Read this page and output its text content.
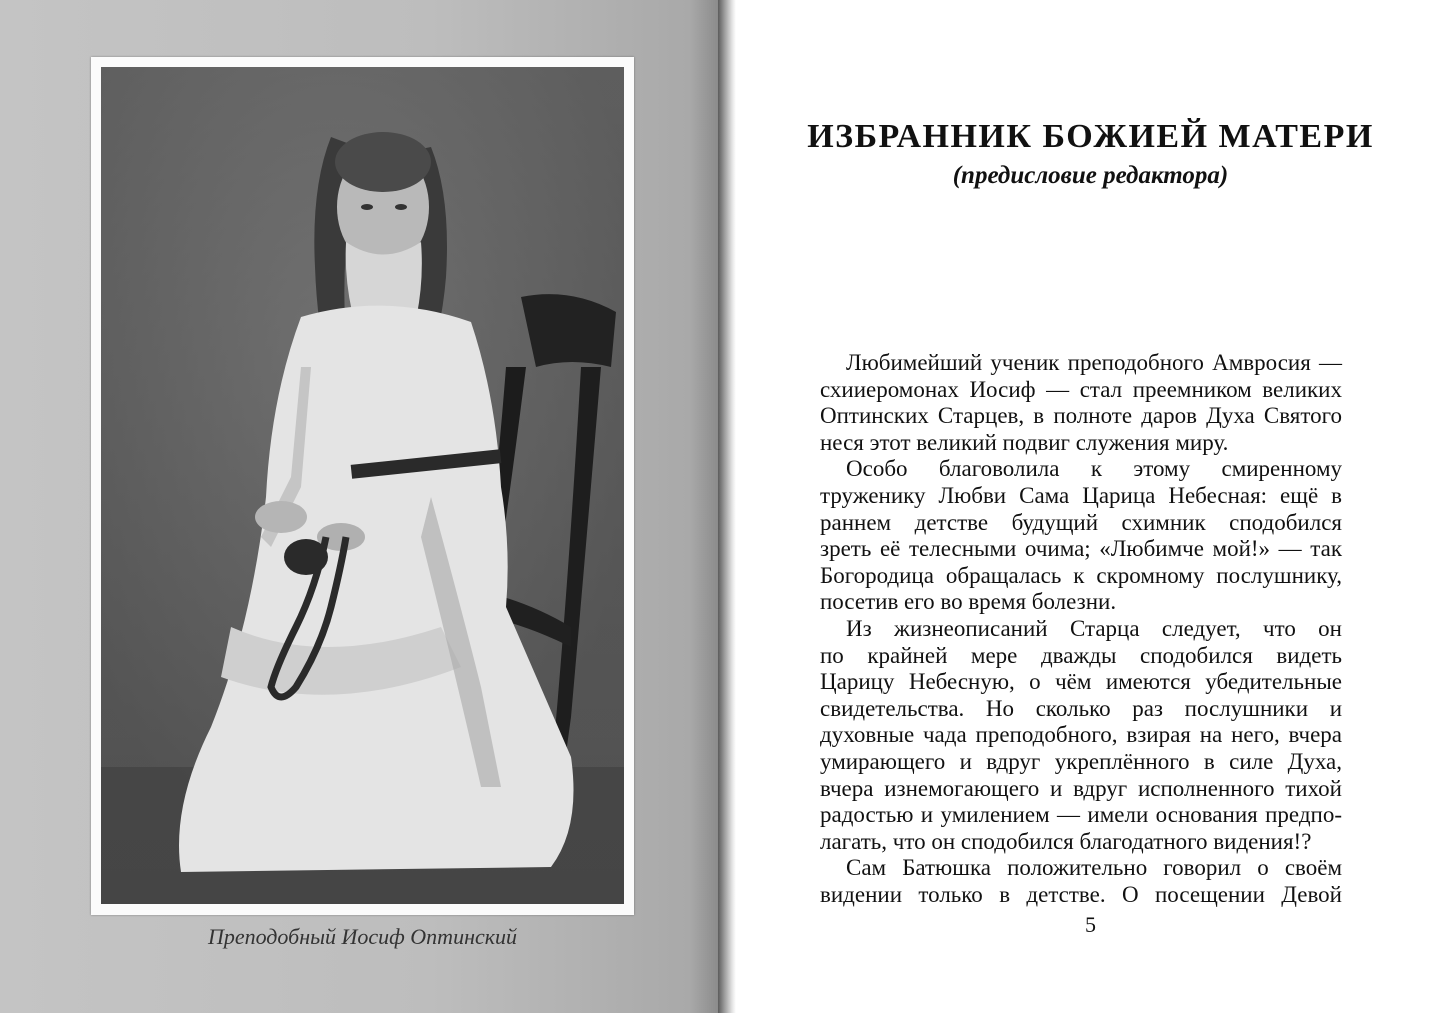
Преподобный Иосиф Оптинский
ИЗБРАННИК БОЖИЕЙ МАТЕРИ
(предисловие редактора)
Любимейший ученик преподобного Амвросия —
схииеромонах Иосиф — стал преемником великих
Оптинских Старцев, в полноте даров Духа Святого
неся этот великий подвиг служения миру.
Особо благоволила к этому смиренному
труженику Любви Сама Царица Небесная: ещё в
раннем детстве будущий схимник сподобился
зреть её телесными очима; «Любимче мой!» — так
Богородица обращалась к скромному послушнику,
посетив его во время болезни.
Из жизнеописаний Старца следует, что он
по крайней мере дважды сподобился видеть
Царицу Небесную, о чём имеются убедительные
свидетельства. Но сколько раз послушники и
духовные чада преподобного, взирая на него, вчера
умирающего и вдруг укреплённого в силе Духа,
вчера изнемогающего и вдруг исполненного тихой
радостью и умилением — имели основания предпо-
лагать, что он сподобился благодатного видения!?
Сам Батюшка положительно говорил о своём
видении только в детстве. О посещении Девой
5
